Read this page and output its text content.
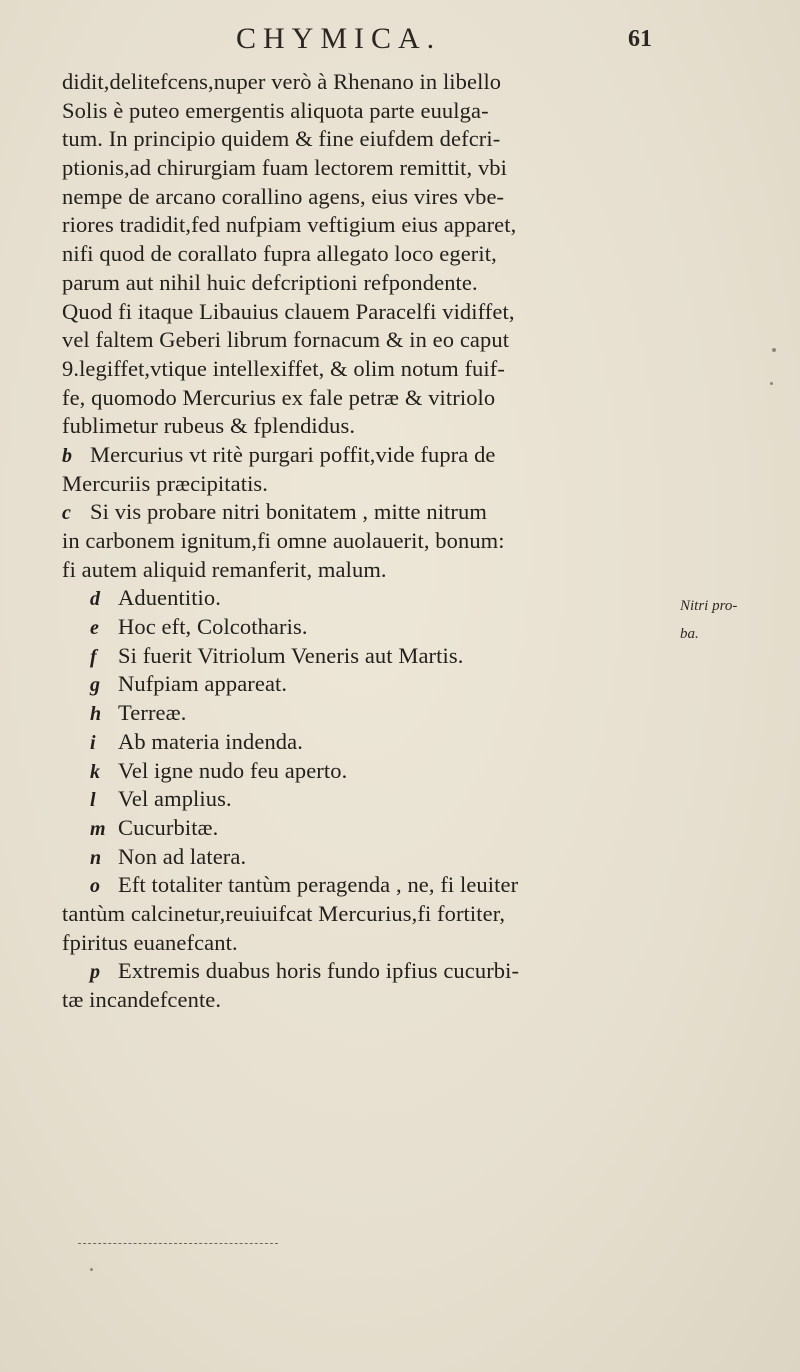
CHYMICA.	61
didit,delitefcens,nuper verò à Rhenano in libello
Solis è puteo emergentis aliquota parte euulga-
tum. In principio quidem & fine eiufdem defcri-
ptionis,ad chirurgiam fuam lectorem remittit, vbi
nempe de arcano corallino agens, eius vires vbe-
riores tradidit,fed nufpiam veftigium eius apparet,
nifi quod de corallato fupra allegato loco egerit,
parum aut nihil huic defcriptioni refpondente.
Quod fi itaque Libauius clauem Paracelfi vidiffet,
vel faltem Geberi librum fornacum & in eo caput
9.legiffet,vtique intellexiffet, & olim notum fuif-
fe, quomodo Mercurius ex fale petræ & vitriolo
fublimetur rubeus & fplendidus.
b Mercurius vt ritè purgari poffit,vide fupra de
Mercuriis præcipitatis.
c Si vis probare nitri bonitatem , mitte nitrum
in carbonem ignitum,fi omne auolauerit, bonum:
fi autem aliquid remanferit, malum.
d Aduentitio.
e Hoc eft, Colcotharis.
f Si fuerit Vitriolum Veneris aut Martis.
g Nufpiam appareat.
h Terreæ.
i Ab materia indenda.
k Vel igne nudo feu aperto.
l Vel amplius.
m Cucurbitæ.
n Non ad latera.
o Eft totaliter tantùm peragenda , ne, fi leuiter
tantùm calcinetur,reuiuifcat Mercurius,fi fortiter,
fpiritus euanefcant.
p Extremis duabus horis fundo ipfius cucurbi-
tæ incandefcente.
Nitri pro-
ba.
